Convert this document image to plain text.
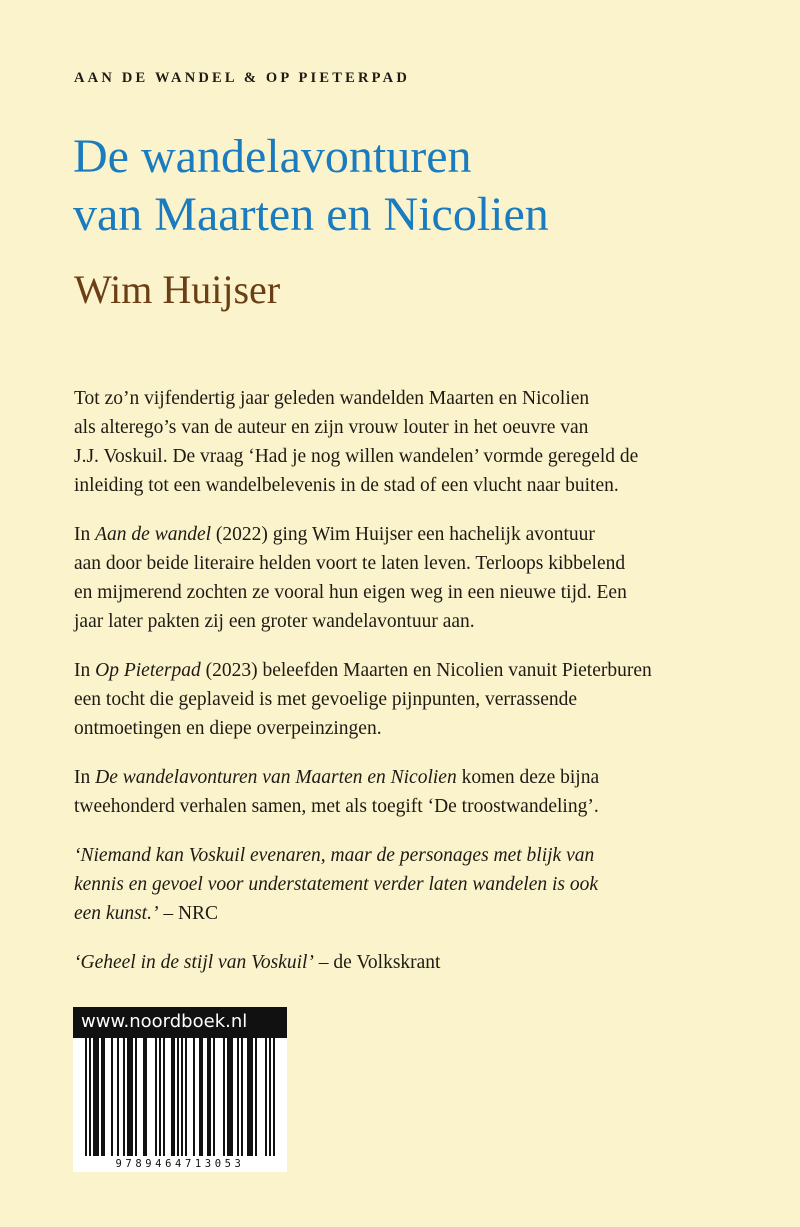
AAN DE WANDEL & OP PIETERPAD
De wandelavonturen
van Maarten en Nicolien
Wim Huijser

Tot zo’n vijfendertig jaar geleden wandelden Maarten en Nicolien
als alterego’s van de auteur en zijn vrouw louter in het oeuvre van
J.J. Voskuil. De vraag ‘Had je nog willen wandelen’ vormde geregeld de
inleiding tot een wandelbelevenis in de stad of een vlucht naar buiten.

In Aan de wandel (2022) ging Wim Huijser een hachelijk avontuur
aan door beide literaire helden voort te laten leven. Terloops kibbelend
en mijmerend zochten ze vooral hun eigen weg in een nieuwe tijd. Een
jaar later pakten zij een groter wandelavontuur aan.

In Op Pieterpad (2023) beleefden Maarten en Nicolien vanuit Pieterburen
een tocht die geplaveid is met gevoelige pijnpunten, verrassende
ontmoetingen en diepe overpeinzingen.

In De wandelavonturen van Maarten en Nicolien komen deze bijna
tweehonderd verhalen samen, met als toegift ‘De troostwandeling’.

‘Niemand kan Voskuil evenaren, maar de personages met blijk van
kennis en gevoel voor understatement verder laten wandelen is ook
een kunst.’ – NRC

‘Geheel in de stijl van Voskuil’ – de Volkskrant

www.noordboek.nl
9789464713053
